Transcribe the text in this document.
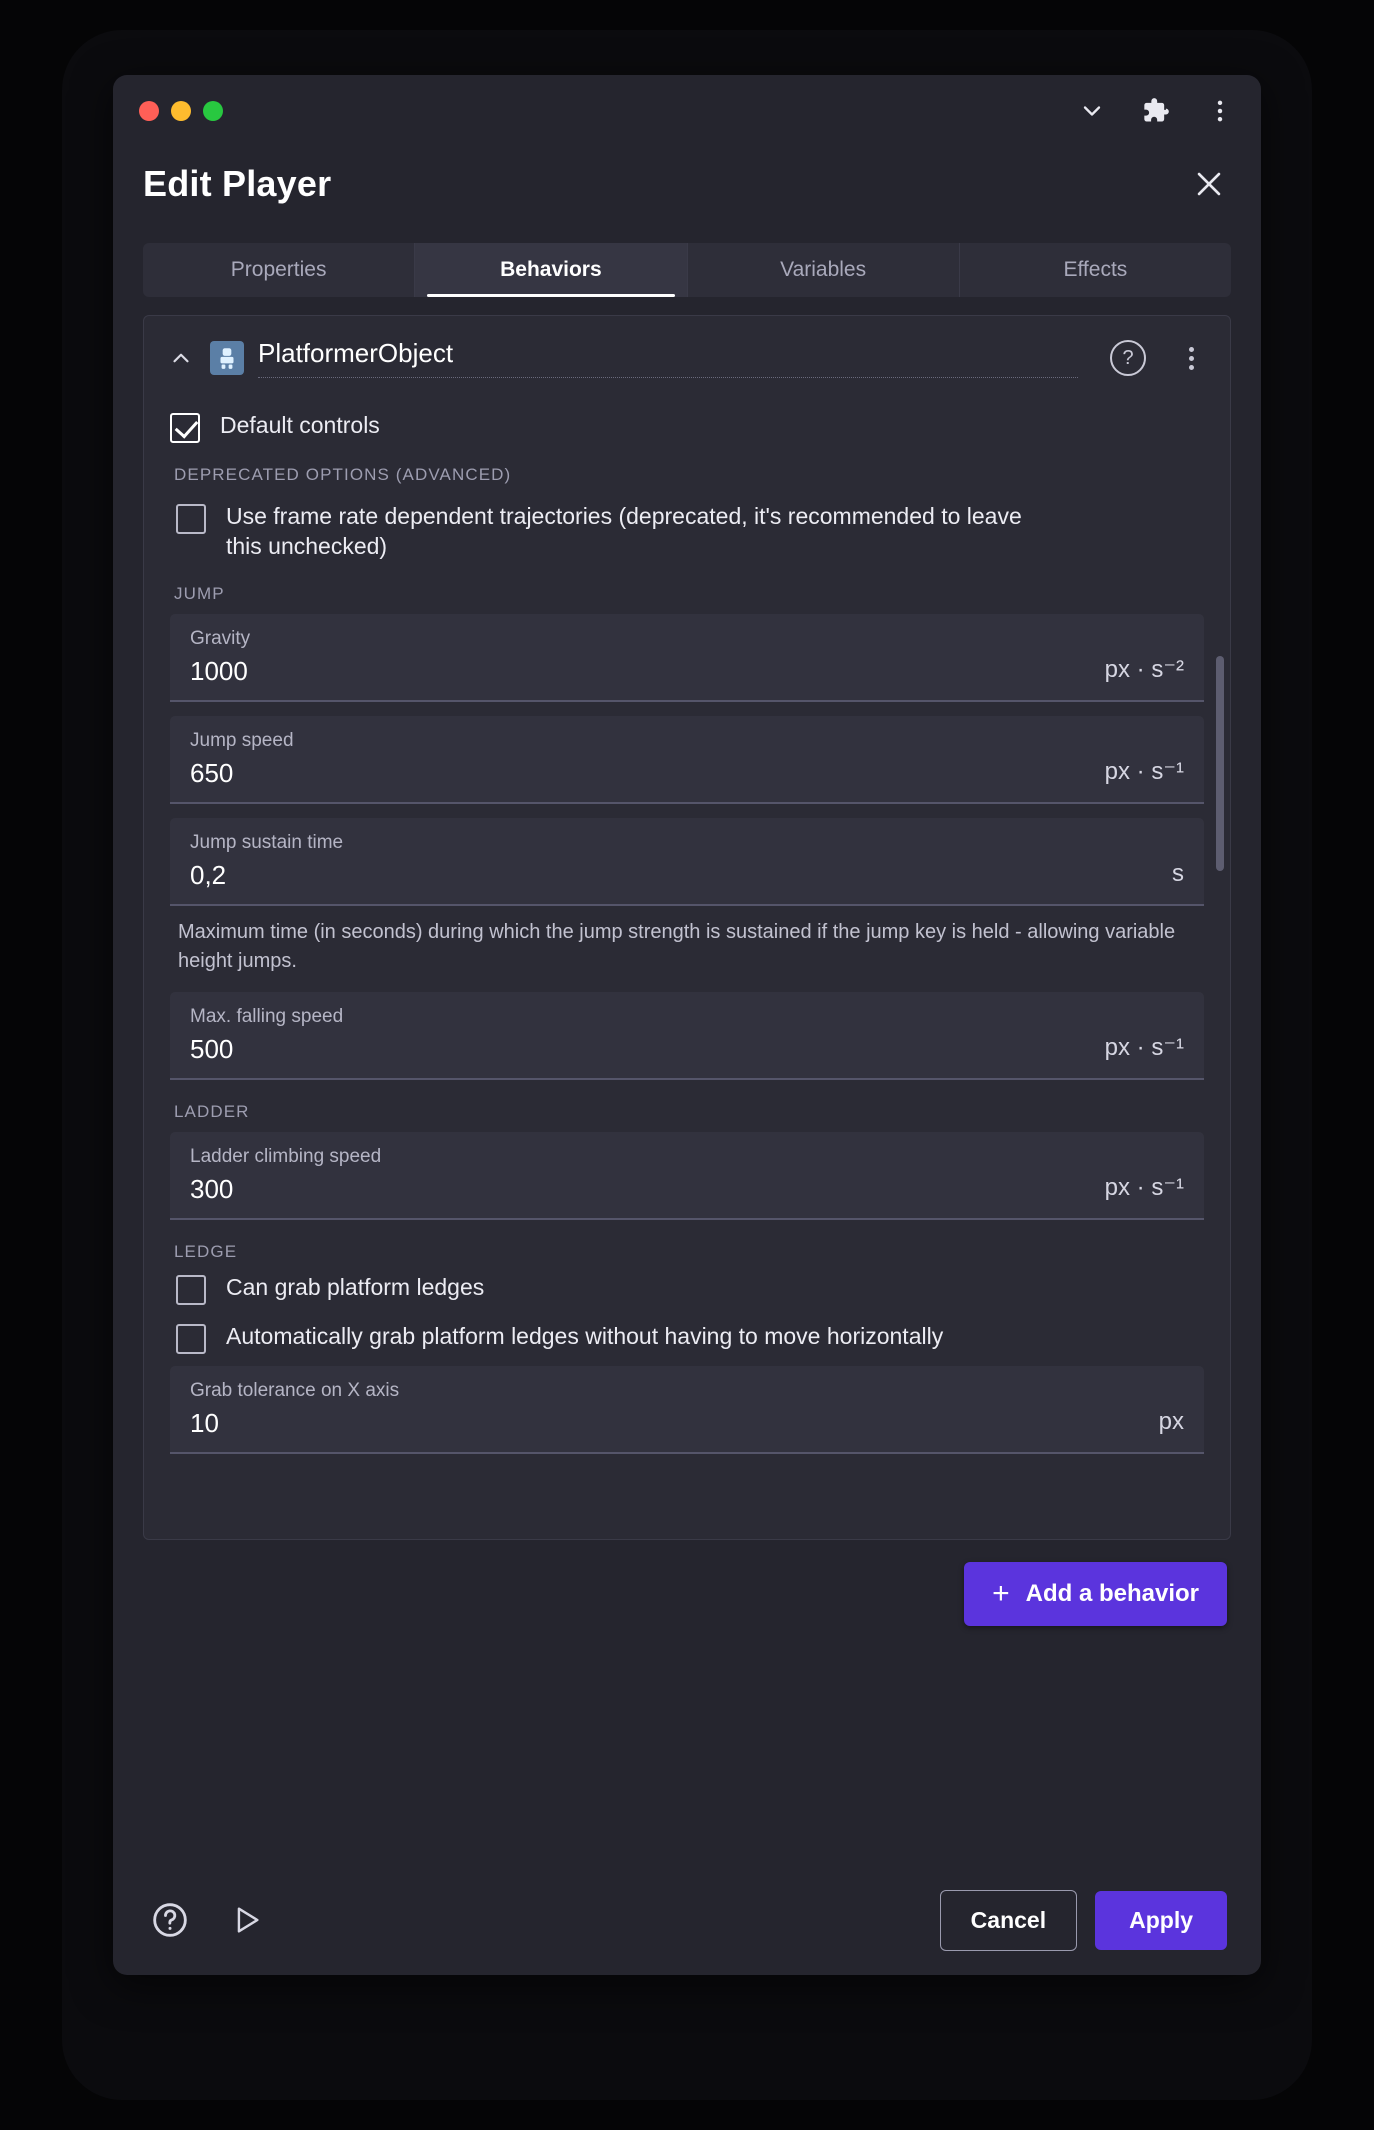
Edit Player
Properties	Behaviors	Variables	Effects
PlatformerObject	?
Default controls
DEPRECATED OPTIONS (ADVANCED)
Use frame rate dependent trajectories (deprecated, it's recommended to leave this unchecked)
JUMP
Gravity
1000	px · s⁻²
Jump speed
650	px · s⁻¹
Jump sustain time
0,2	s
Maximum time (in seconds) during which the jump strength is sustained if the jump key is held - allowing variable height jumps.
Max. falling speed
500	px · s⁻¹
LADDER
Ladder climbing speed
300	px · s⁻¹
LEDGE
Can grab platform ledges
Automatically grab platform ledges without having to move horizontally
Grab tolerance on X axis
10	px
+ Add a behavior
Cancel	Apply
